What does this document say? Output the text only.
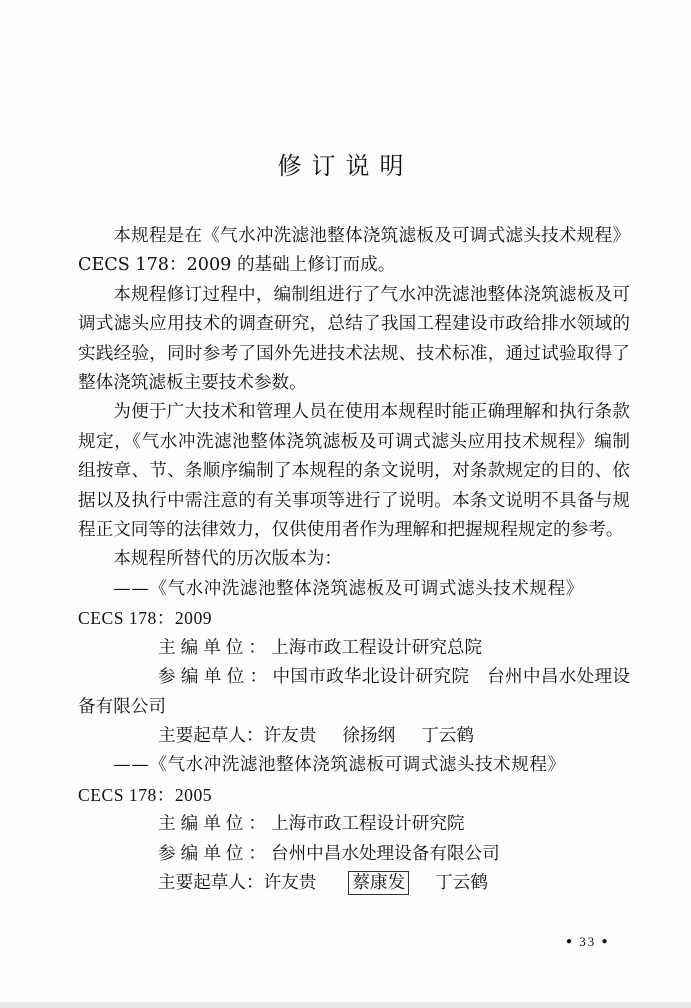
修订说明

本规程是在《气水冲洗滤池整体浇筑滤板及可调式滤头技术规程》CECS 178：2009 的基础上修订而成。

本规程修订过程中，编制组进行了气水冲洗滤池整体浇筑滤板及可调式滤头应用技术的调查研究，总结了我国工程建设市政给排水领域的实践经验，同时参考了国外先进技术法规、技术标准，通过试验取得了整体浇筑滤板主要技术参数。

为便于广大技术和管理人员在使用本规程时能正确理解和执行条款规定，《气水冲洗滤池整体浇筑滤板及可调式滤头应用技术规程》编制组按章、节、条顺序编制了本规程的条文说明，对条款规定的目的、依据以及执行中需注意的有关事项等进行了说明。本条文说明不具备与规程正文同等的法律效力，仅供使用者作为理解和把握规程规定的参考。

本规程所替代的历次版本为：

——《气水冲洗滤池整体浇筑滤板及可调式滤头技术规程》
CECS 178：2009

主编单位：上海市政工程设计研究总院

参编单位：中国市政华北设计研究院　台州中昌水处理设备有限公司

主要起草人：许友贵 徐扬纲 丁云鹤

——《气水冲洗滤池整体浇筑滤板可调式滤头技术规程》
CECS 178：2005

主编单位：上海市政工程设计研究院

参编单位：台州中昌水处理设备有限公司

主要起草人：许友贵 蔡康发 丁云鹤

● 33 ●
